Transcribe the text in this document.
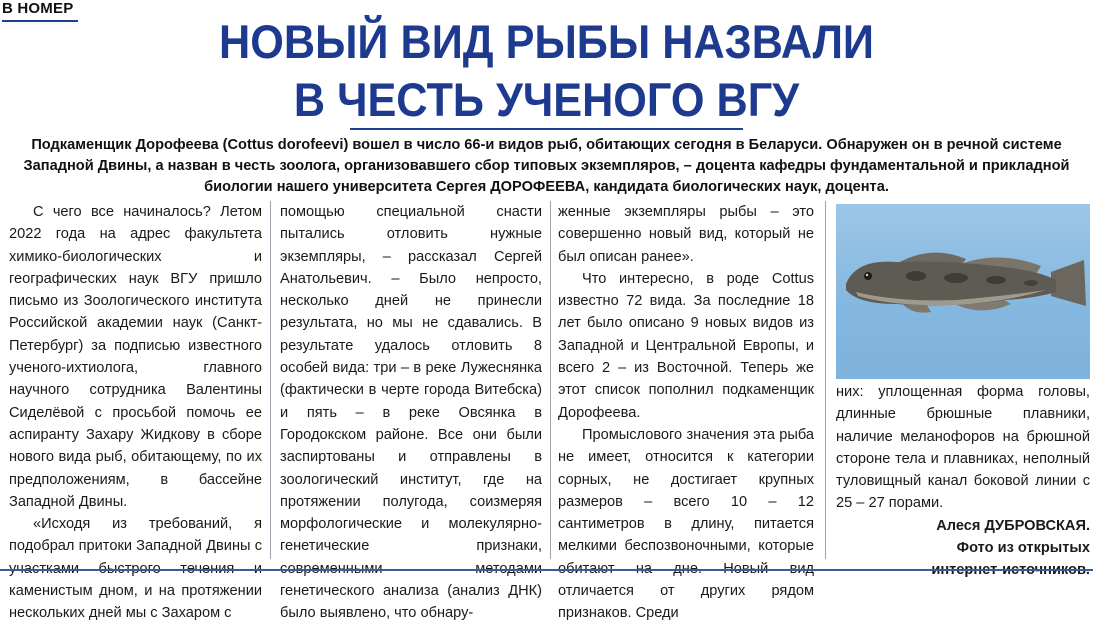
В НОМЕР
НОВЫЙ ВИД РЫБЫ НАЗВАЛИ
В ЧЕСТЬ УЧЕНОГО ВГУ
Подкаменщик Дорофеева (Cottus dorofeevi) вошел в число 66-и видов рыб, обитающих сегодня в Беларуси. Обнаружен он в речной системе Западной Двины, а назван в честь зоолога, организовавшего сбор типовых экземпляров, – доцента кафедры фундаментальной и прикладной биологии нашего университета Сергея ДОРОФЕЕВА, кандидата биологических наук, доцента.

С чего все начиналось? Летом 2022 года на адрес факультета химико-биологических и географических наук ВГУ пришло письмо из Зоологического института Российской академии наук (Санкт-Петербург) за подписью известного ученого-ихтиолога, главного научного сотрудника Валентины Сиделёвой с просьбой помочь ее аспиранту Захару Жидкову в сборе нового вида рыб, обитающему, по их предположениям, в бассейне Западной Двины.

«Исходя из требований, я подобрал притоки Западной Двины с каменистым дном, и на протяжении нескольких дней мы с Захаром с

помощью специальной снасти пытались отловить нужные экземпляры, – рассказал Сергей Анатольевич. – Было непросто, несколько дней не принесли результата, но мы не сдавались. В результате удалось отловить 8 особей вида: три – в реке Лужеснянка (фактически в черте города Витебска) и пять – в реке Овсянка в Городокском районе. Все они были заспиртованы и отправлены в зоологический институт, где на протяжении полугода, соизмеряя морфологические и молекулярно-генетические признаки, генетического анализа (анализ ДНК) было выявлено, что обнару-

женные экземпляры рыбы – это совершенно новый вид, который не был описан ранее».

Что интересно, в роде Cottus известно 72 вида. За последние 18 лет было описано 9 новых видов из Западной и Центральной Европы, и всего 2 – из Восточной. Теперь же этот список пополнил подкаменщик Дорофеева.

Промыслового значения эта рыба не имеет, относится к категории сорных, не достигает крупных размеров – всего 10 – 12 сантиметров в длину, питается мелкими беспозвоночными, которые отличается от других рядом признаков. Среди

них: уплощенная форма головы, длинные брюшные плавники, наличие меланофоров на брюшной стороне тела и плавниках, неполный туловищный канал боковой линии с 25 – 27 порами.

Алеся ДУБРОВСКАЯ.
Фото из открытых
